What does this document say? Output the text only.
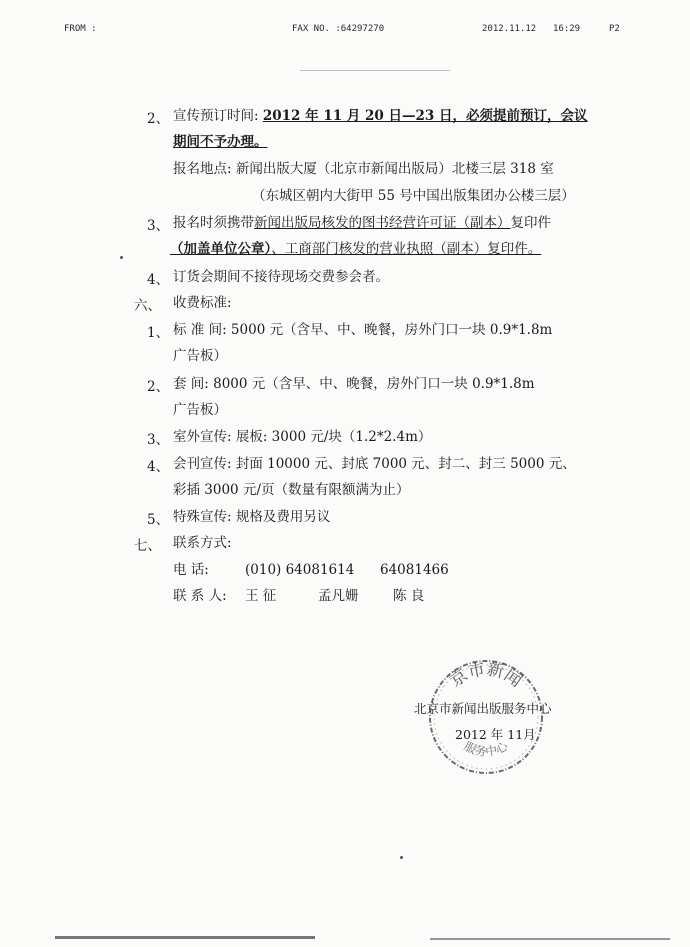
FROM :	FAX NO. :64297270	2012.11.12 16:29	P2
2、 宣传预订时间: 2012 年 11 月 20 日—23 日，必须提前预订，会议
期间不予办理。
报名地点: 新闻出版大厦（北京市新闻出版局）北楼三层 318 室
（东城区朝内大街甲 55 号中国出版集团办公楼三层）
3、 报名时须携带新闻出版局核发的图书经营许可证（副本）复印件
（加盖单位公章）、工商部门核发的营业执照（副本）复印件。
4、 订货会期间不接待现场交费参会者。
六、 收费标准:
1、 标 准 间: 5000 元（含早、中、晚餐，房外门口一块 0.9*1.8m
广告板）
2、 套 间: 8000 元（含早、中、晚餐，房外门口一块 0.9*1.8m
广告板）
3、 室外宣传: 展板: 3000 元/块（1.2*2.4m）
4、 会刊宣传: 封面 10000 元、封底 7000 元、封二、封三 5000 元、
彩插 3000 元/页（数量有限额满为止）
5、 特殊宣传: 规格及费用另议
七、 联系方式:
电 话:	(010) 64081614 64081466
联 系 人: 王 征	孟凡姗	陈 良
京市新闻
服务中心
北京市新闻出版服务中心
2012 年 11月
